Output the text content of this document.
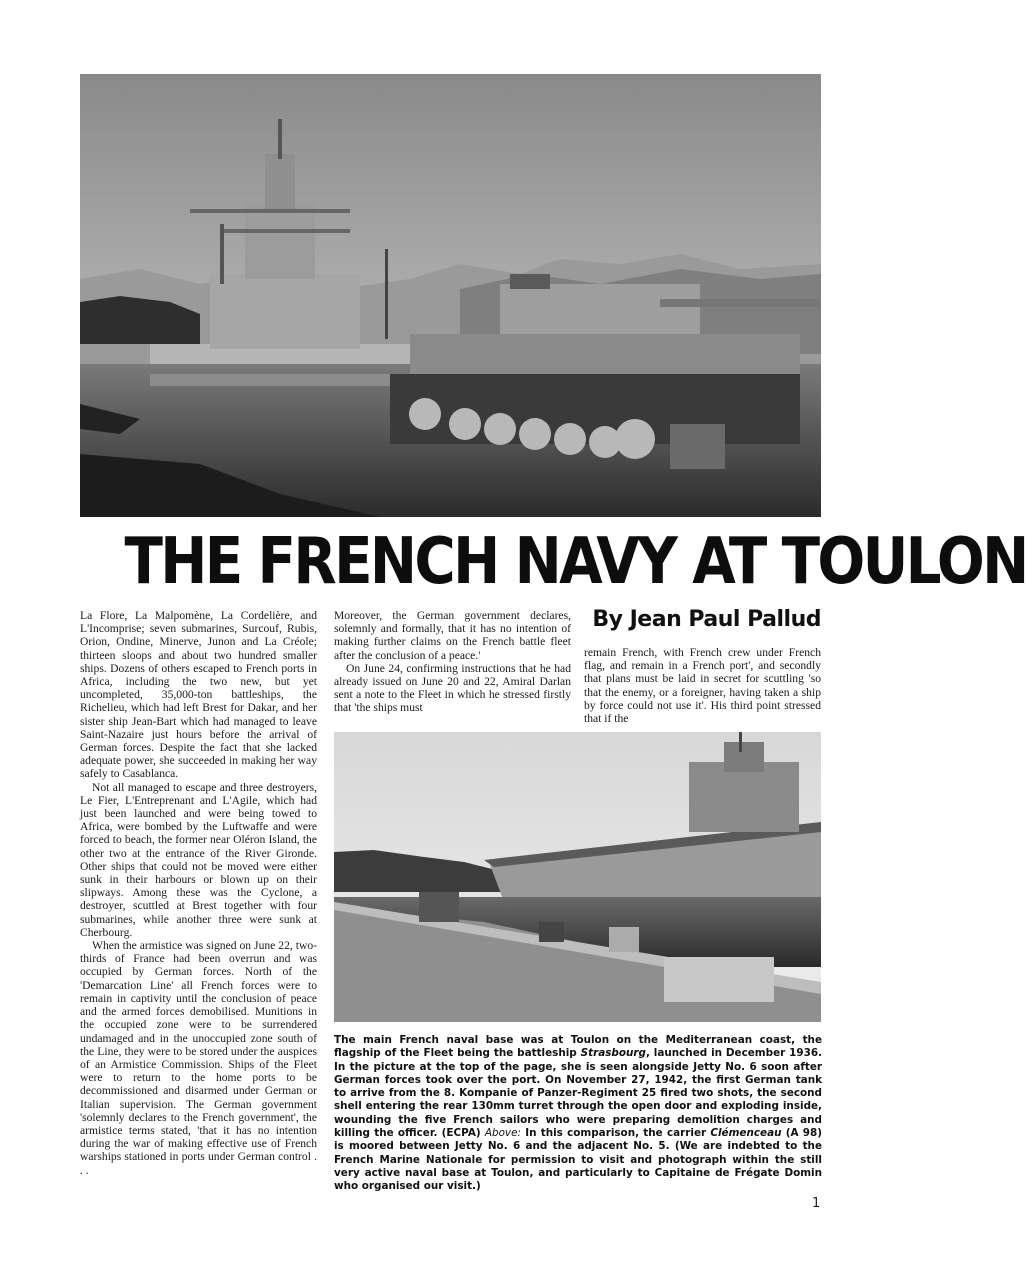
THE FRENCH NAVY AT TOULON
By Jean Paul Pallud

La Flore, La Malpomène, La Cordelière, and L'Incomprise; seven submarines, Surcouf, Rubis, Orion, Ondine, Minerve, Junon and La Créole; thirteen sloops and about two hundred smaller ships. Dozens of others escaped to French ports in Africa, including the two new, but yet uncompleted, 35,000-ton battleships, the Richelieu, which had left Brest for Dakar, and her sister ship Jean-Bart which had managed to leave Saint-Nazaire just hours before the arrival of German forces. Despite the fact that she lacked adequate power, she succeeded in making her way safely to Casablanca.

Not all managed to escape and three destroyers, Le Fier, L'Entreprenant and L'Agile, which had just been launched and were being towed to Africa, were bombed by the Luftwaffe and were forced to beach, the former near Oléron Island, the other two at the entrance of the River Gironde. Other ships that could not be moved were either sunk in their harbours or blown up on their slipways. Among these was the Cyclone, a destroyer, scuttled at Brest together with four submarines, while another three were sunk at Cherbourg.

When the armistice was signed on June 22, two-thirds of France had been overrun and was occupied by German forces. North of the 'Demarcation Line' all French forces were to remain in captivity until the conclusion of peace and the armed forces demobilised. Munitions in the occupied zone were to be surrendered undamaged and in the unoccupied zone south of the Line, they were to be stored under the auspices of an Armistice Commission. Ships of the Fleet were to return to the home ports to be decommissioned and disarmed under German or Italian supervision. The German government 'solemnly declares to the French government', the armistice terms stated, 'that it has no intention during the war of making effective use of French warships stationed in ports under German control . . .

Moreover, the German government declares, solemnly and formally, that it has no intention of making further claims on the French battle fleet after the conclusion of a peace.'

On June 24, confirming instructions that he had already issued on June 20 and 22, Amiral Darlan sent a note to the Fleet in which he stressed firstly that 'the ships must

remain French, with French crew under French flag, and remain in a French port', and secondly that plans must be laid in secret for scuttling 'so that the enemy, or a foreigner, having taken a ship by force could not use it'. His third point stressed that if the

The main French naval base was at Toulon on the Mediterranean coast, the flagship of the Fleet being the battleship Strasbourg, launched in December 1936. In the picture at the top of the page, she is seen alongside Jetty No. 6 soon after German forces took over the port. On November 27, 1942, the first German tank to arrive from the 8. Kompanie of Panzer-Regiment 25 fired two shots, the second shell entering the rear 130mm turret through the open door and exploding inside, wounding the five French sailors who were preparing demolition charges and killing the officer. (ECPA) Above: In this comparison, the carrier Clémenceau (A 98) is moored between Jetty No. 6 and the adjacent No. 5. (We are indebted to the French Marine Nationale for permission to visit and photograph within the still very active naval base at Toulon, and particularly to Capitaine de Frégate Domin who organised our visit.)

1
